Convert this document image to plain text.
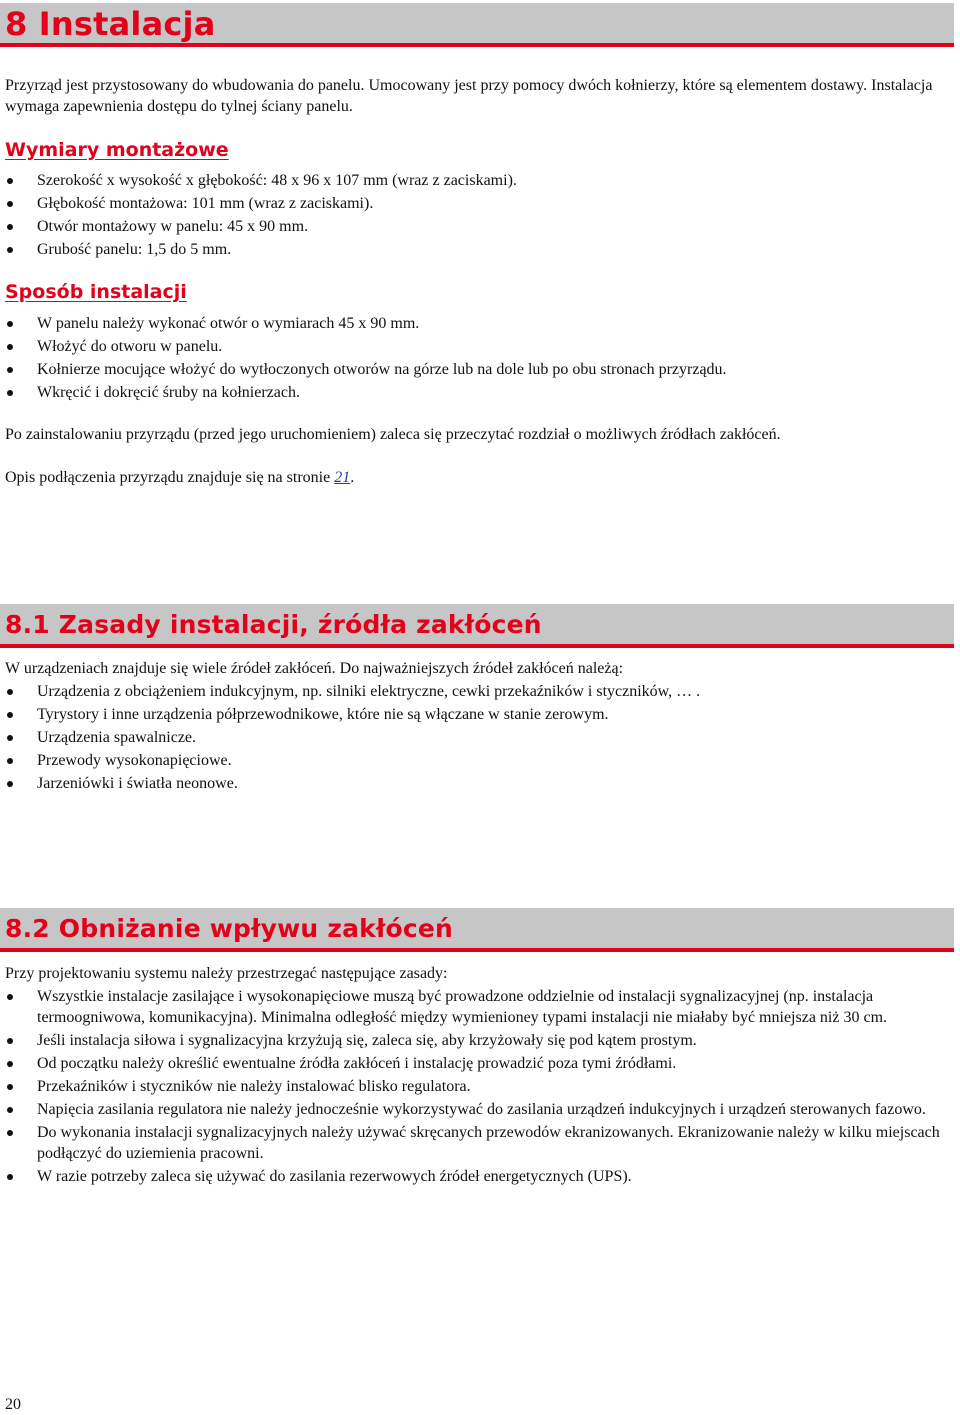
8 Instalacja

Przyrząd jest przystosowany do wbudowania do panelu. Umocowany jest przy pomocy dwóch kołnierzy, które są elementem dostawy. Instalacja wymaga zapewnienia dostępu do tylnej ściany panelu.

Wymiary montażowe
Szerokość x wysokość x głębokość: 48 x 96 x 107 mm (wraz z zaciskami).
Głębokość montażowa: 101 mm (wraz z zaciskami).
Otwór montażowy w panelu: 45 x 90 mm.
Grubość panelu: 1,5 do 5 mm.
Sposób instalacji
W panelu należy wykonać otwór o wymiarach 45 x 90 mm.
Włożyć do otworu w panelu.
Kołnierze mocujące włożyć do wytłoczonych otworów na górze lub na dole lub po obu stronach przyrządu.
Wkręcić i dokręcić śruby na kołnierzach.

Po zainstalowaniu przyrządu (przed jego uruchomieniem) zaleca się przeczytać rozdział o możliwych źródłach zakłóceń.

Opis podłączenia przyrządu znajduje się na stronie 21.

8.1 Zasady instalacji, źródła zakłóceń

W urządzeniach znajduje się wiele źródeł zakłóceń. Do najważniejszych źródeł zakłóceń należą:

Urządzenia z obciążeniem indukcyjnym, np. silniki elektryczne, cewki przekaźników i styczników, … .
Tyrystory i inne urządzenia półprzewodnikowe, które nie są włączane w stanie zerowym.
Urządzenia spawalnicze.
Przewody wysokonapięciowe.
Jarzeniówki i światła neonowe.
8.2 Obniżanie wpływu zakłóceń

Przy projektowaniu systemu należy przestrzegać następujące zasady:

Wszystkie instalacje zasilające i wysokonapięciowe muszą być prowadzone oddzielnie od instalacji sygnalizacyjnej (np. instalacja termoogniwowa, komunikacyjna). Minimalna odległość między wymienioney typami instalacji nie miałaby być mniejsza niż 30 cm.
Jeśli instalacja siłowa i sygnalizacyjna krzyżują się, zaleca się, aby krzyżowały się pod kątem prostym.
Od początku należy określić ewentualne źródła zakłóceń i instalację prowadzić poza tymi źródłami.
Przekaźników i styczników nie należy instalować blisko regulatora.
Napięcia zasilania regulatora nie należy jednocześnie wykorzystywać do zasilania urządzeń indukcyjnych i urządzeń sterowanych fazowo.
Do wykonania instalacji sygnalizacyjnych należy używać skręcanych przewodów ekranizowanych. Ekranizowanie należy w kilku miejscach podłączyć do uziemienia pracowni.
W razie potrzeby zaleca się używać do zasilania rezerwowych źródeł energetycznych (UPS).
20
